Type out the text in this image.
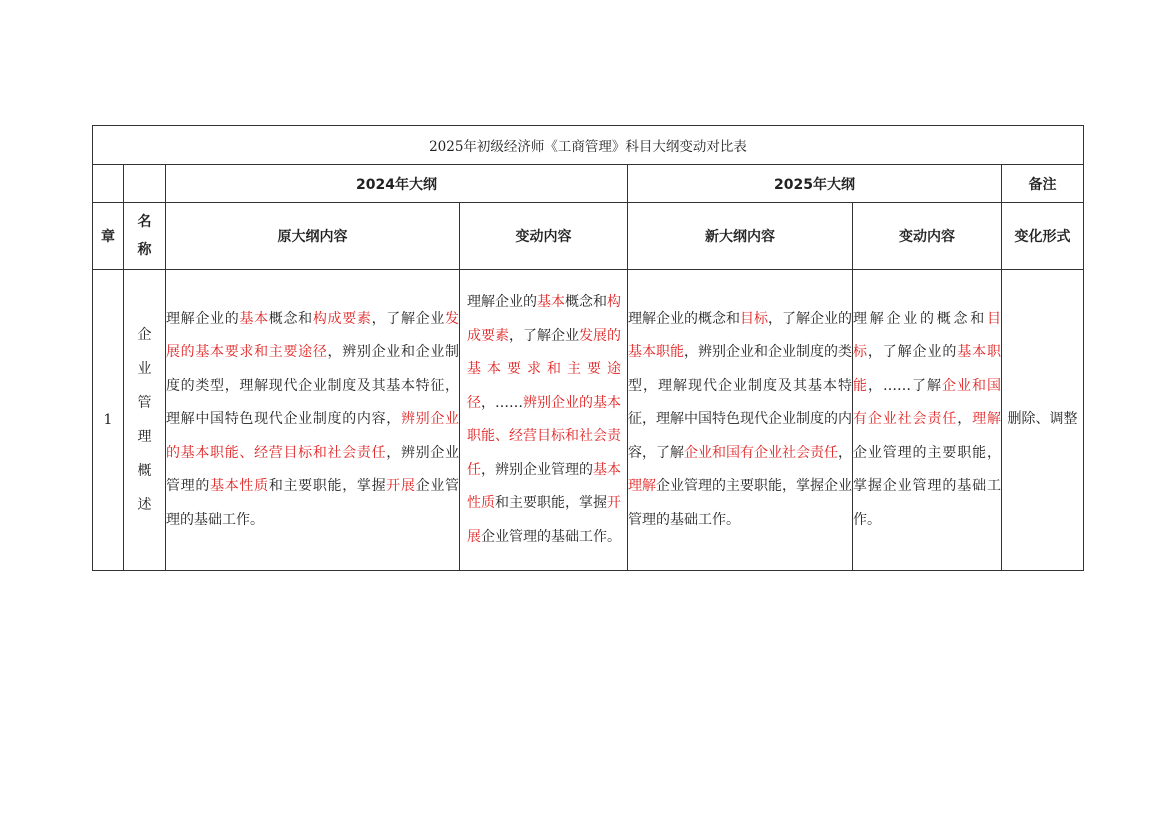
2025年初级经济师《工商管理》科目大纲变动对比表						
		2024年大纲		2025年大纲		备注
章	名称	原大纲内容	变动内容	新大纲内容	变动内容	变化形式
1	企业管理概述	理解企业的基本概念和构成要素，了解企业发展的基本要求和主要途径，辨别企业和企业制度的类型，理解现代企业制度及其基本特征，理解中国特色现代企业制度的内容，辨别企业的基本职能、经营目标和社会责任，辨别企业管理的基本性质和主要职能，掌握开展企业管理的基础工作。	理解企业的基本概念和构成要素，了解企业发展的基本要求和主要途径，……辨别企业的基本职能、经营目标和社会责任，辨别企业管理的基本性质和主要职能，掌握开展企业管理的基础工作。	理解企业的概念和目标，了解企业的基本职能，辨别企业和企业制度的类型，理解现代企业制度及其基本特征，理解中国特色现代企业制度的内容，了解企业和国有企业社会责任，理解企业管理的主要职能，掌握企业管理的基础工作。	理解企业的概念和目标，了解企业的基本职能，……了解企业和国有企业社会责任，理解企业管理的主要职能，掌握企业管理的基础工作。	删除、调整
